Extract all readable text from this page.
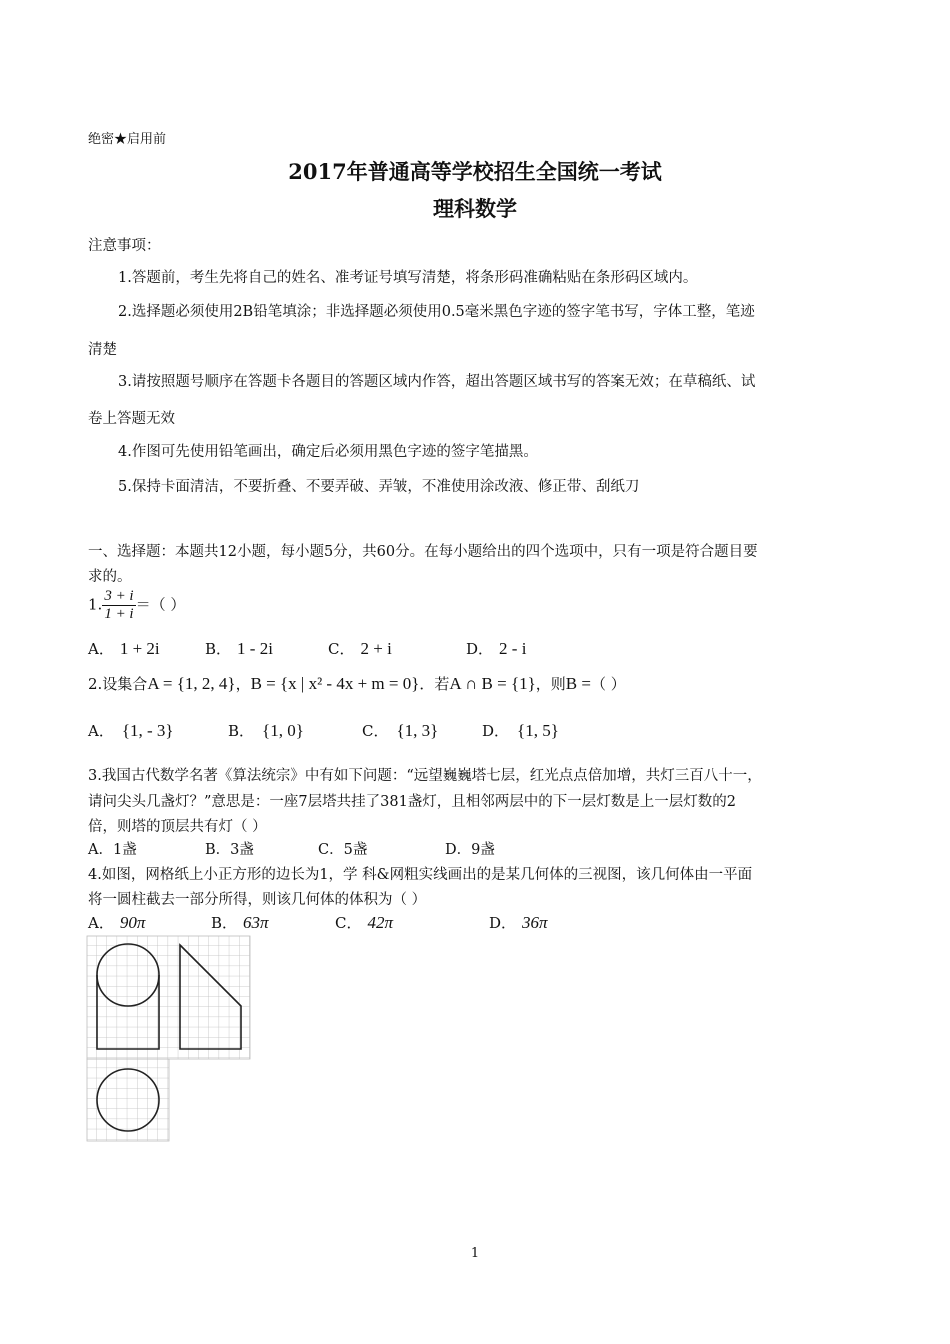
绝密★启用前
2017年普通高等学校招生全国统一考试
理科数学
注意事项：
1.答题前，考生先将自己的姓名、准考证号填写清楚，将条形码准确粘贴在条形码区域内。
2.选择题必须使用2B铅笔填涂；非选择题必须使用0.5毫米黑色字迹的签字笔书写，字体工整，笔迹
清楚
3.请按照题号顺序在答题卡各题目的答题区域内作答，超出答题区域书写的答案无效；在草稿纸、试
卷上答题无效
4.作图可先使用铅笔画出，确定后必须用黑色字迹的签字笔描黑。
5.保持卡面清洁，不要折叠、不要弄破、弄皱，不准使用涂改液、修正带、刮纸刀
一、选择题：本题共12小题，每小题5分，共60分。在每小题给出的四个选项中，只有一项是符合题目要
求的。
1. $\frac{3 + i}{1 + i}$ ＝（ ）
A． 1 + 2i	B． 1 - 2i	C． 2 + i	D． 2 - i
2.设集合A = {1, 2, 4}，B = {x | x² - 4x + m = 0}．若A ∩ B = {1}，则B =（ ）
A． {1, - 3}	B． {1, 0}	C． {1, 3}	D． {1, 5}
3.我国古代数学名著《算法统宗》中有如下问题：“远望巍巍塔七层，红光点点倍加增，共灯三百八十一，
请问尖头几盏灯？”意思是：一座7层塔共挂了381盏灯，且相邻两层中的下一层灯数是上一层灯数的2
倍，则塔的顶层共有灯（ ）
A．1盏	B．3盏	C．5盏	D．9盏
4.如图，网格纸上小正方形的边长为1，学 科&网粗实线画出的是某几何体的三视图，该几何体由一平面
将一圆柱截去一部分所得，则该几何体的体积为（ ）
A． 90π	B． 63π	C． 42π	D． 36π
1
